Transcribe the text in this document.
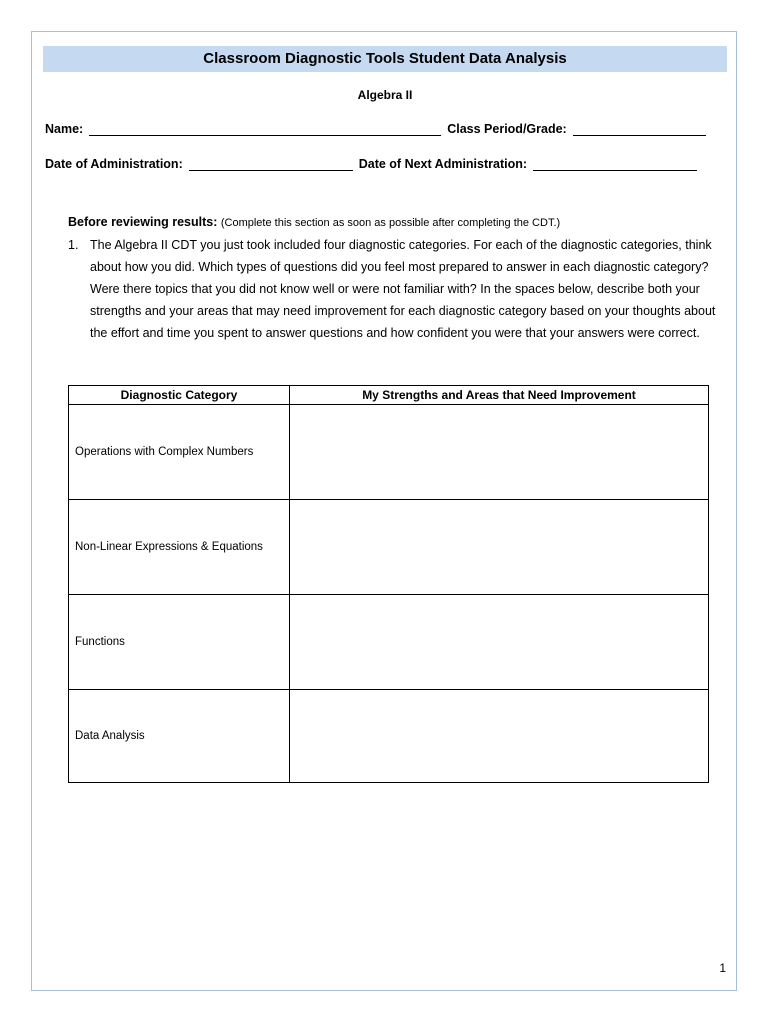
Classroom Diagnostic Tools Student Data Analysis
Algebra II
Name:	Class Period/Grade:
Date of Administration:	Date of Next Administration:
Before reviewing results: (Complete this section as soon as possible after completing the CDT.)
1. The Algebra II CDT you just took included four diagnostic categories. For each of the diagnostic categories, think about how you did. Which types of questions did you feel most prepared to answer in each diagnostic category? Were there topics that you did not know well or were not familiar with? In the spaces below, describe both your strengths and your areas that may need improvement for each diagnostic category based on your thoughts about the effort and time you spent to answer questions and how confident you were that your answers were correct.
Diagnostic Category	My Strengths and Areas that Need Improvement
Operations with Complex Numbers	
Non-Linear Expressions & Equations	
Functions	
Data Analysis	
1
